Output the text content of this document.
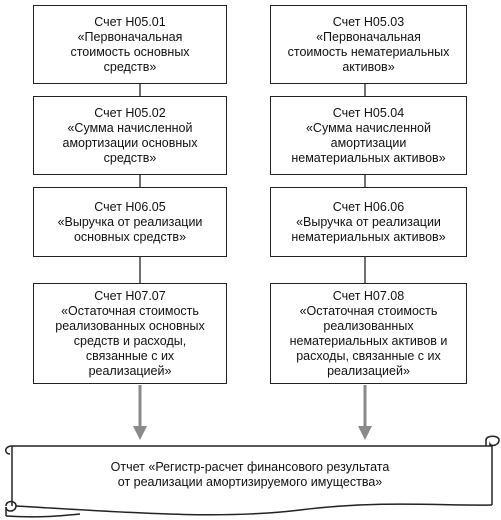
Счет Н05.01
«Первоначальная
стоимость основных
средств»
Счет Н05.03
«Первоначальная
стоимость нематериальных
активов»
Счет Н05.02
«Сумма начисленной
амортизации основных
средств»
Счет Н05.04
«Сумма начисленной
амортизации
нематериальных активов»
Счет Н06.05
«Выручка от реализации
основных средств»
Счет Н06.06
«Выручка от реализации
нематериальных активов»
Счет Н07.07
«Остаточная стоимость
реализованных основных
средств и расходы,
связанные с их
реализацией»
Счет Н07.08
«Остаточная стоимость
реализованных
нематериальных активов и
расходы, связанные с их
реализацией»
Отчет «Регистр-расчет финансового результата
от реализации амортизируемого имущества»
